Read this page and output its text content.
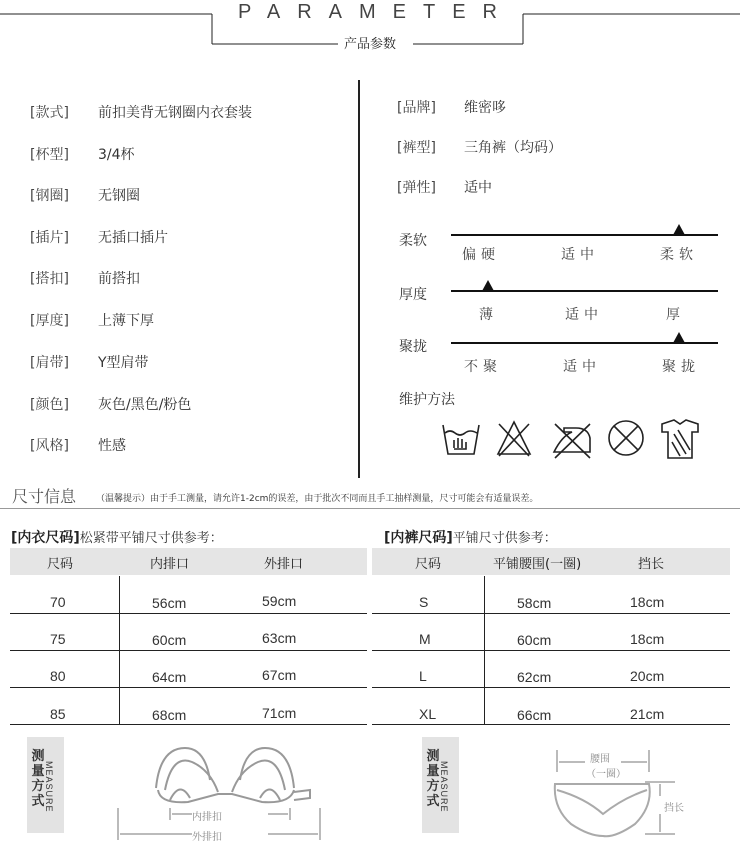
PARAMETER
产品参数
[款式] 前扣美背无钢圈内衣套装
[杯型] 3/4杯
[钢圈] 无钢圈
[插片] 无插口插片
[搭扣] 前搭扣
[厚度] 上薄下厚
[肩带] Y型肩带
[颜色] 灰色/黑色/粉色
[风格] 性感
[品牌] 维密哆
[裤型] 三角裤（均码）
[弹性] 适中
柔软
偏硬	适中	柔软
厚度
薄	适中	厚
聚拢
不聚	适中	聚拢
维护方法
尺寸信息 （温馨提示）由于手工测量，请允许1-2cm的误差，由于批次不同而且手工抽样测量，尺寸可能会有适量误差。
[内衣尺码]松紧带平铺尺寸供参考：
尺码	内排口	外排口
70	56cm	59cm
75	60cm	63cm
80	64cm	67cm
85	68cm	71cm
[内裤尺码]平铺尺寸供参考：
尺码	平铺腰围(一圈)	挡长
S	58cm	18cm
M	60cm	18cm
L	62cm	20cm
XL	66cm	21cm
测量方式 MEASURE
内排扣
外排扣
测量方式 MEASURE
腰围
（一圈）
挡长
